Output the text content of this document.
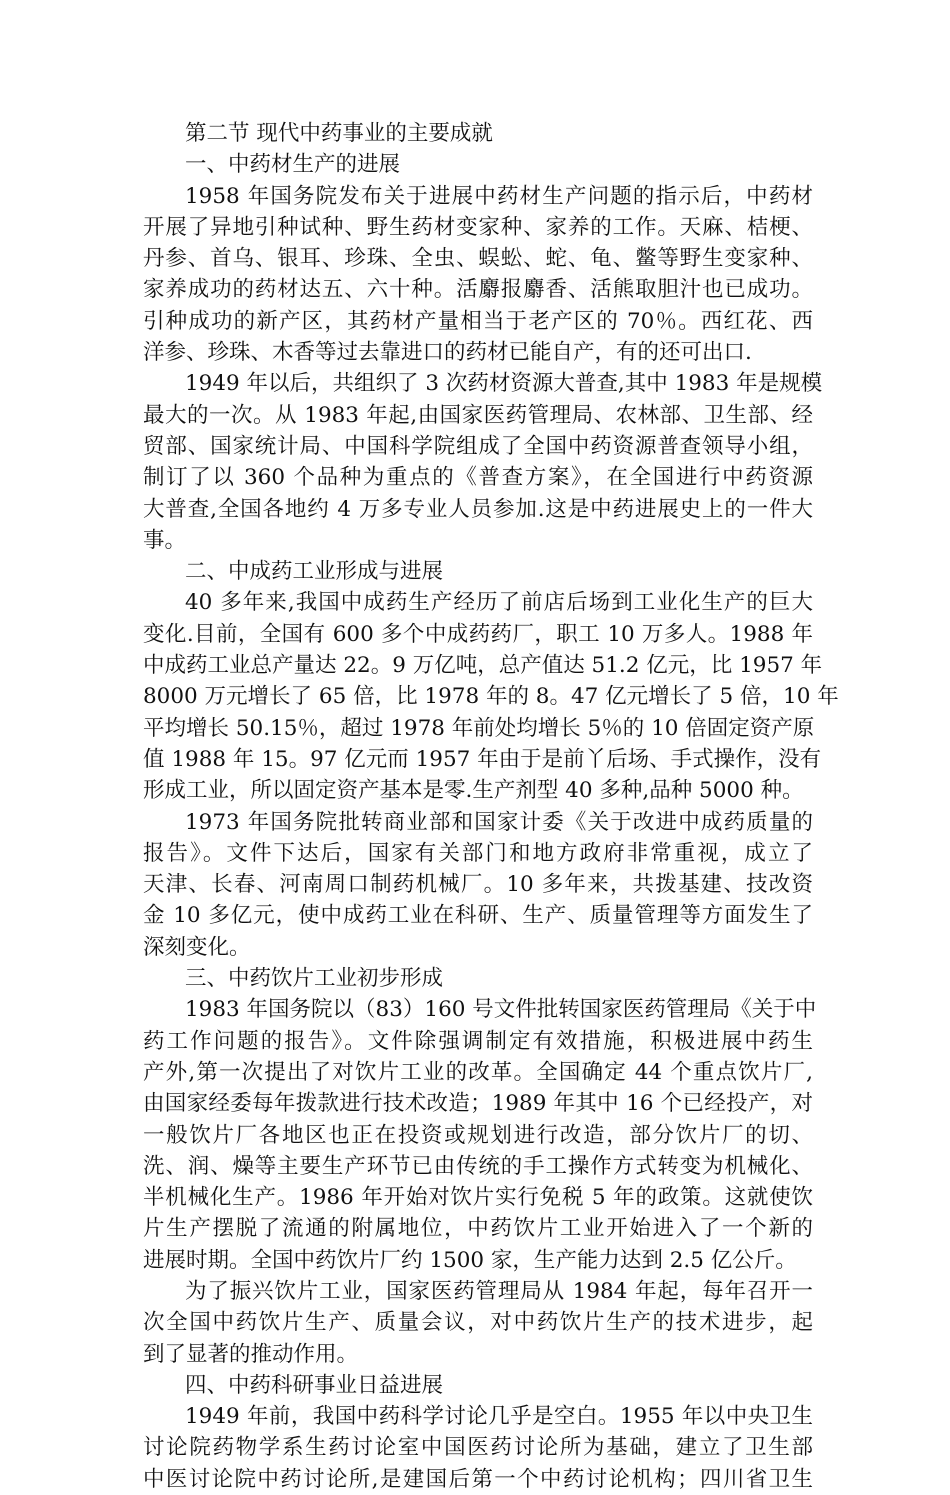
第二节 现代中药事业的主要成就
一、中药材生产的进展
1958 年国务院发布关于进展中药材生产问题的指示后，中药材
开展了异地引种试种、野生药材变家种、家养的工作。天麻、桔梗、
丹参、首乌、银耳、珍珠、全虫、蜈蚣、蛇、龟、鳖等野生变家种、
家养成功的药材达五、六十种。活麝报麝香、活熊取胆汁也已成功。
引种成功的新产区，其药材产量相当于老产区的 70％。西红花、西
洋参、珍珠、木香等过去靠进口的药材已能自产，有的还可出口.
1949 年以后，共组织了 3 次药材资源大普查,其中 1983 年是规模
最大的一次。从 1983 年起,由国家医药管理局、农林部、卫生部、经
贸部、国家统计局、中国科学院组成了全国中药资源普查领导小组，
制订了以 360 个品种为重点的《普查方案》，在全国进行中药资源
大普查,全国各地约 4 万多专业人员参加.这是中药进展史上的一件大
事。
二、中成药工业形成与进展
40 多年来,我国中成药生产经历了前店后场到工业化生产的巨大
变化.目前，全国有 600 多个中成药药厂，职工 10 万多人。1988 年
中成药工业总产量达 22。9 万亿吨，总产值达 51.2 亿元，比 1957 年
8000 万元增长了 65 倍，比 1978 年的 8。47 亿元增长了 5 倍，10 年
平均增长 50.15％，超过 1978 年前处均增长 5％的 10 倍固定资产原
值 1988 年 15。97 亿元而 1957 年由于是前丫后场、手式操作，没有
形成工业，所以固定资产基本是零.生产剂型 40 多种,品种 5000 种。
1973 年国务院批转商业部和国家计委《关于改进中成药质量的
报告》。文件下达后，国家有关部门和地方政府非常重视，成立了
天津、长春、河南周口制药机械厂。10 多年来，共拨基建、技改资
金 10 多亿元，使中成药工业在科研、生产、质量管理等方面发生了
深刻变化。
三、中药饮片工业初步形成
1983 年国务院以（83）160 号文件批转国家医药管理局《关于中
药工作问题的报告》。文件除强调制定有效措施，积极进展中药生
产外,第一次提出了对饮片工业的改革。全国确定 44 个重点饮片厂,
由国家经委每年拨款进行技术改造；1989 年其中 16 个已经投产，对
一般饮片厂各地区也正在投资或规划进行改造，部分饮片厂的切、
洗、润、燥等主要生产环节已由传统的手工操作方式转变为机械化、
半机械化生产。1986 年开始对饮片实行免税 5 年的政策。这就使饮
片生产摆脱了流通的附属地位，中药饮片工业开始进入了一个新的
进展时期。全国中药饮片厂约 1500 家，生产能力达到 2.5 亿公斤。
为了振兴饮片工业，国家医药管理局从 1984 年起，每年召开一
次全国中药饮片生产、质量会议，对中药饮片生产的技术进步，起
到了显著的推动作用。
四、中药科研事业日益进展
1949 年前，我国中药科学讨论几乎是空白。1955 年以中央卫生
讨论院药物学系生药讨论室中国医药讨论所为基础，建立了卫生部
中医讨论院中药讨论所,是建国后第一个中药讨论机构；四川省卫生
